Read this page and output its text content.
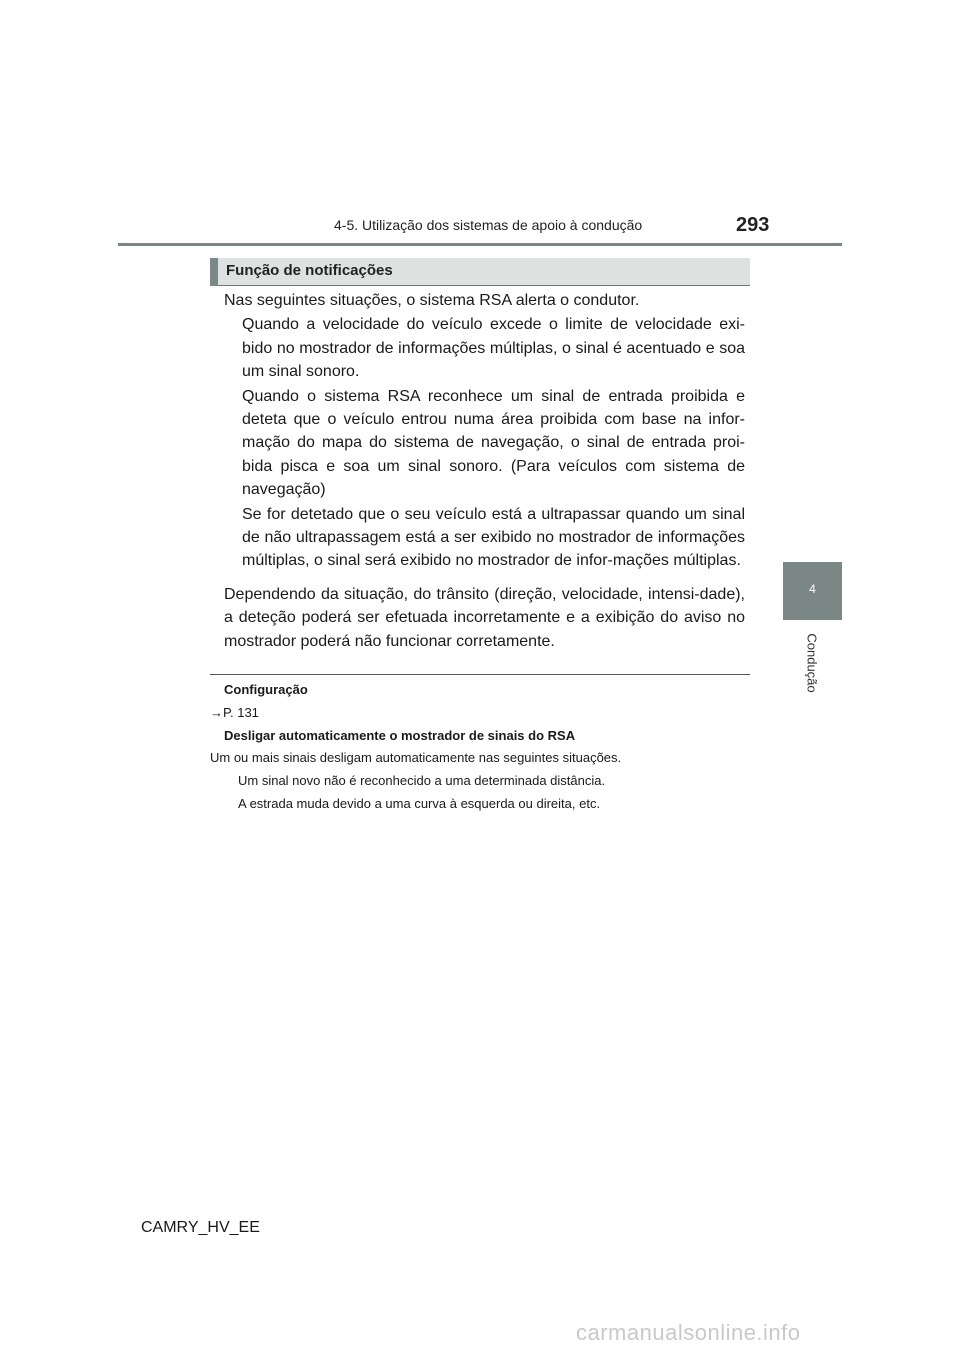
4-5. Utilização dos sistemas de apoio à condução	293
4
Condução
Função de notificações

Nas seguintes situações, o sistema RSA alerta o condutor.

Quando a velocidade do veículo excede o limite de velocidade exi-bido no mostrador de informações múltiplas, o sinal é acentuado e soa um sinal sonoro.

Quando o sistema RSA reconhece um sinal de entrada proibida e deteta que o veículo entrou numa área proibida com base na infor-mação do mapa do sistema de navegação, o sinal de entrada proi-bida pisca e soa um sinal sonoro. (Para veículos com sistema de navegação)

Se for detetado que o seu veículo está a ultrapassar quando um sinal de não ultrapassagem está a ser exibido no mostrador de informações múltiplas, o sinal será exibido no mostrador de infor-mações múltiplas.

Dependendo da situação, do trânsito (direção, velocidade, intensi-dade), a deteção poderá ser efetuada incorretamente e a exibição do aviso no mostrador poderá não funcionar corretamente.

Configuração

→P. 131

Desligar automaticamente o mostrador de sinais do RSA

Um ou mais sinais desligam automaticamente nas seguintes situações.

Um sinal novo não é reconhecido a uma determinada distância.

A estrada muda devido a uma curva à esquerda ou direita, etc.

CAMRY_HV_EE
carmanualsonline.info
